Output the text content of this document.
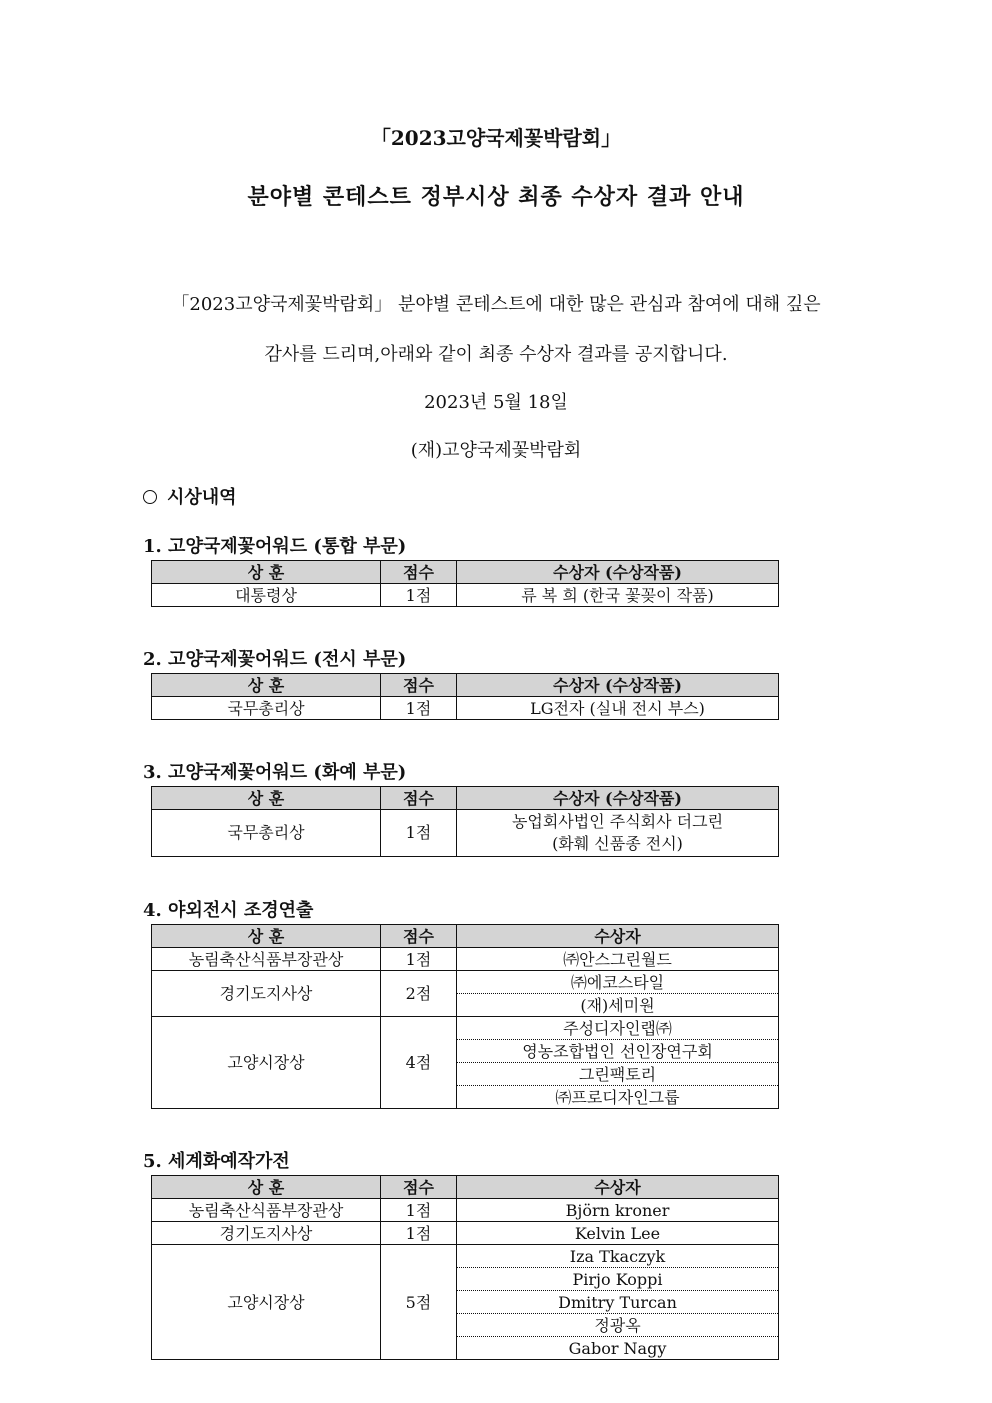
「2023고양국제꽃박람회」
분야별 콘테스트 정부시상 최종 수상자 결과 안내
「2023고양국제꽃박람회」 분야별 콘테스트에 대한 많은 관심과 참여에 대해 깊은
감사를 드리며,아래와 같이 최종 수상자 결과를 공지합니다.
2023년 5월 18일
(재)고양국제꽃박람회
시상내역
1. 고양국제꽃어워드 (통합 부문)
상 훈	점수	수상자 (수상작품)
대통령상	1점	류 복 희 (한국 꽃꽂이 작품)
2. 고양국제꽃어워드 (전시 부문)
상 훈	점수	수상자 (수상작품)
국무총리상	1점	LG전자 (실내 전시 부스)
3. 고양국제꽃어워드 (화예 부문)
상 훈	점수	수상자 (수상작품)
국무총리상	1점	농업회사법인 주식회사 더그린
(화훼 신품종 전시)
4. 야외전시 조경연출
상 훈	점수	수상자
농림축산식품부장관상	1점	㈜안스그린월드
경기도지사상	2점	㈜에코스타일
		(재)세미원
고양시장상	4점	주성디자인랩㈜
		영농조합법인 선인장연구회
		그린팩토리
		㈜프로디자인그룹
5. 세계화예작가전
상 훈	점수	수상자
농림축산식품부장관상	1점	Björn kroner
경기도지사상	1점	Kelvin Lee
고양시장상	5점	Iza Tkaczyk
		Pirjo Koppi
		Dmitry Turcan
		정광옥
		Gabor Nagy
